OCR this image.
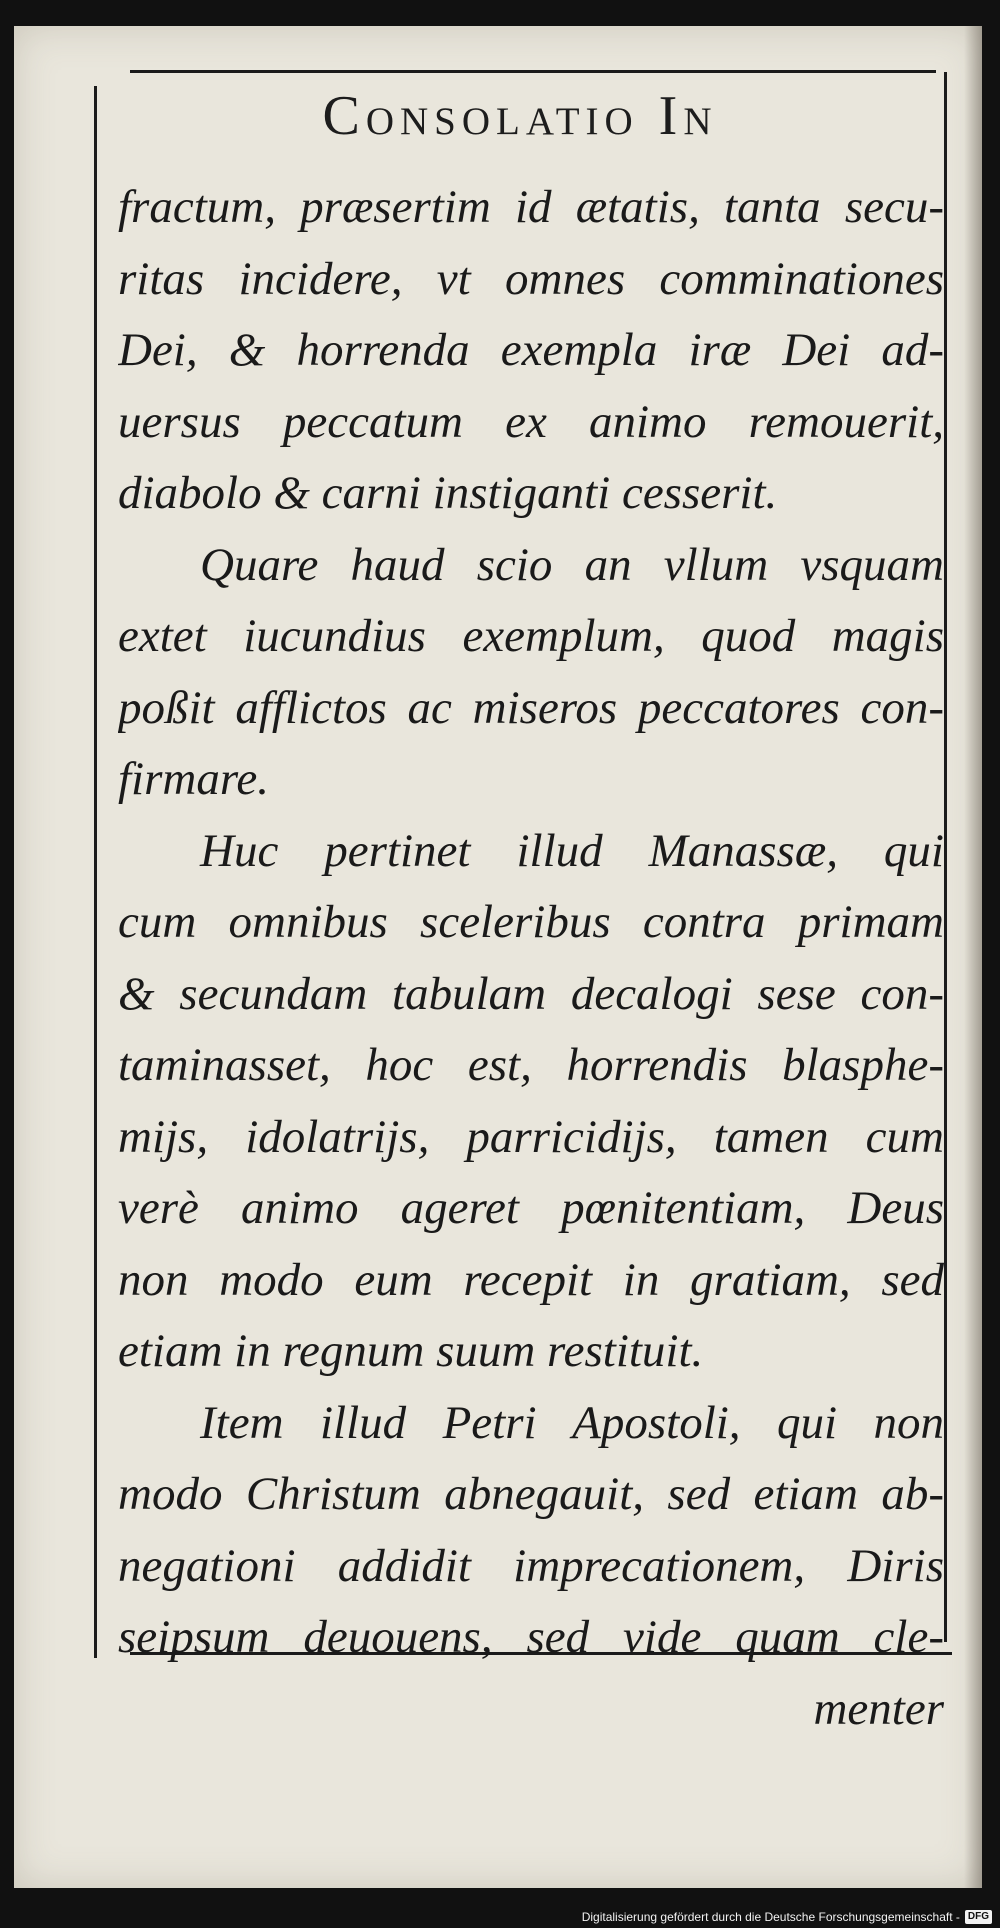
Consolatio In
fractum, præsertim id ætatis, tanta secu-
ritas incidere, vt omnes comminationes
Dei, & horrenda exempla iræ Dei ad-
uersus peccatum ex animo remouerit,
diabolo & carni instiganti cesserit.
Quare haud scio an vllum vsquam
extet iucundius exemplum, quod magis
poßit afflictos ac miseros peccatores con-
firmare.
Huc pertinet illud Manassæ, qui
cum omnibus sceleribus contra primam
& secundam tabulam decalogi sese con-
taminasset, hoc est, horrendis blasphe-
mijs, idolatrijs, parricidijs, tamen cum
verè animo ageret pœnitentiam, Deus
non modo eum recepit in gratiam, sed
etiam in regnum suum restituit.
Item illud Petri Apostoli, qui non
modo Christum abnegauit, sed etiam ab-
negationi addidit imprecationem, Diris
seipsum deuouens, sed vide quam cle-
menter
Digitalisierung gefördert durch die Deutsche Forschungsgemeinschaft - DFG
